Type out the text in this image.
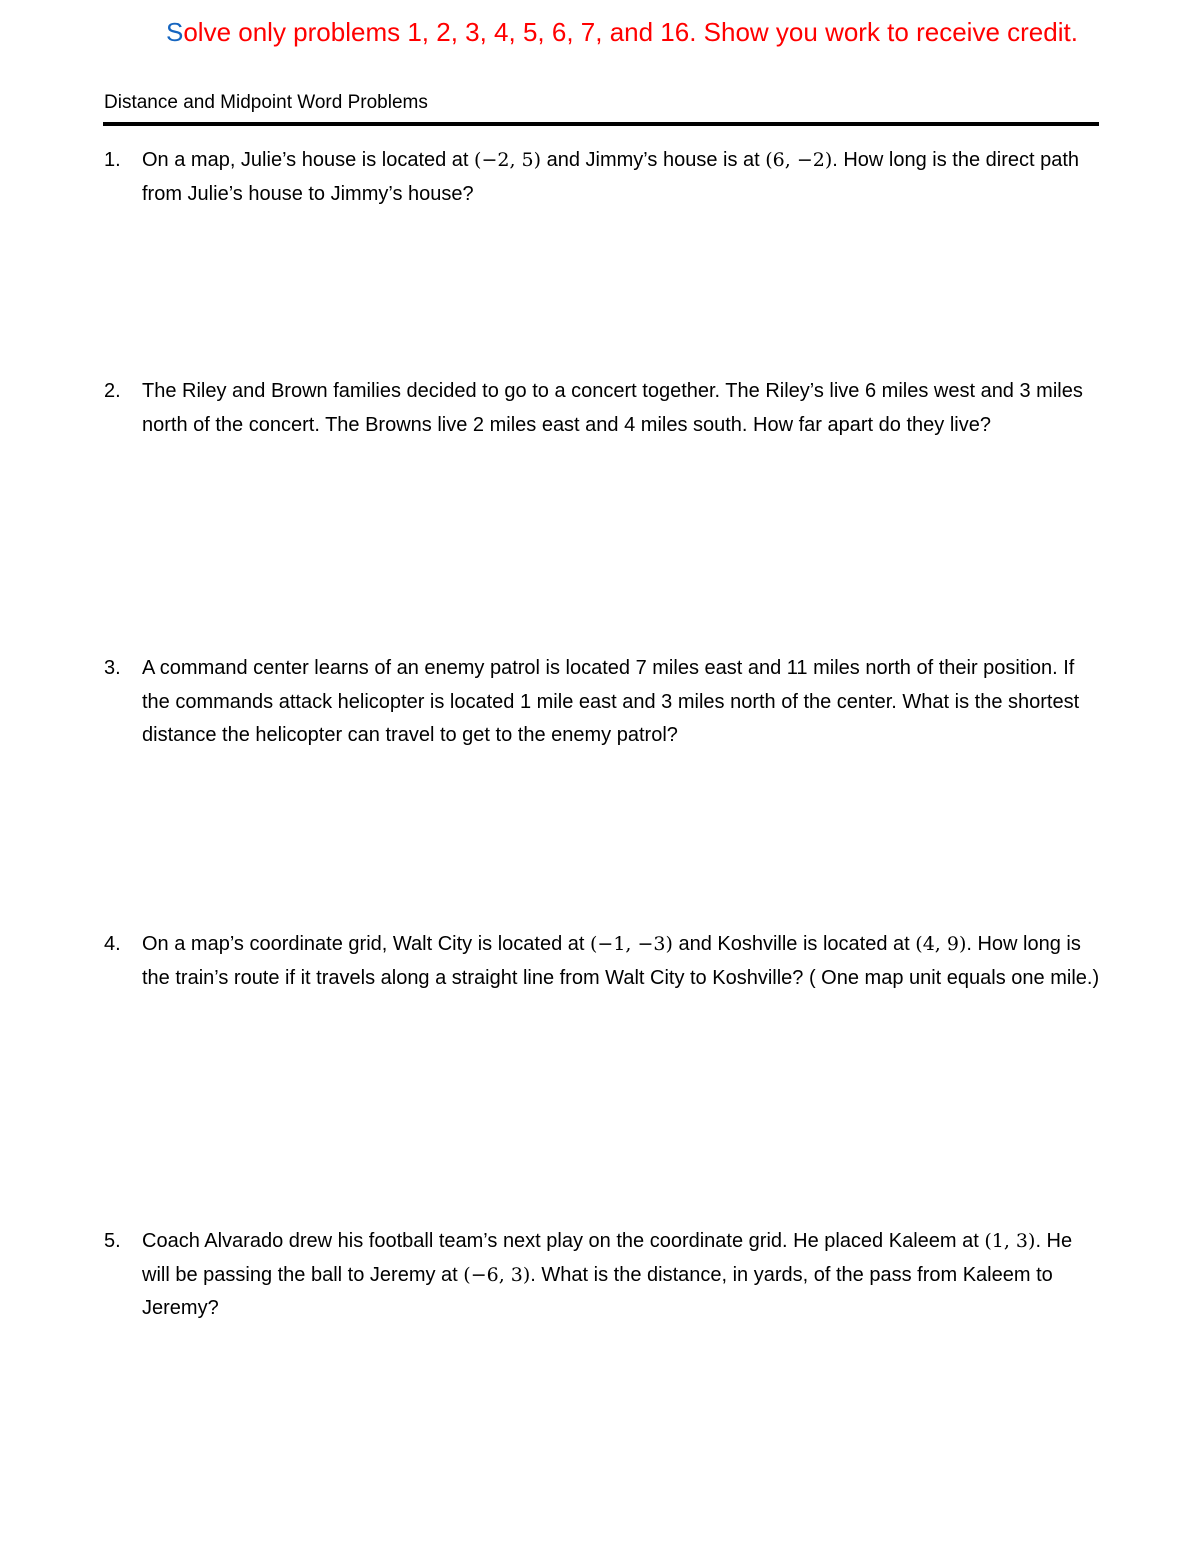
Solve only problems 1, 2, 3, 4, 5, 6, 7, and 16. Show you work to receive credit.
Distance and Midpoint Word Problems
1.	On a map, Julie’s house is located at (−2, 5) and Jimmy’s house is at (6, −2). How long is the direct path from Julie’s house to Jimmy’s house?
2.	The Riley and Brown families decided to go to a concert together. The Riley’s live 6 miles west and 3 miles north of the concert. The Browns live 2 miles east and 4 miles south. How far apart do they live?
3.	A command center learns of an enemy patrol is located 7 miles east and 11 miles north of their position. If the commands attack helicopter is located 1 mile east and 3 miles north of the center. What is the shortest distance the helicopter can travel to get to the enemy patrol?
4.	On a map’s coordinate grid, Walt City is located at (−1, −3) and Koshville is located at (4, 9). How long is the train’s route if it travels along a straight line from Walt City to Koshville? ( One map unit equals one mile.)
5.	Coach Alvarado drew his football team’s next play on the coordinate grid. He placed Kaleem at (1, 3). He will be passing the ball to Jeremy at (−6, 3). What is the distance, in yards, of the pass from Kaleem to Jeremy?
